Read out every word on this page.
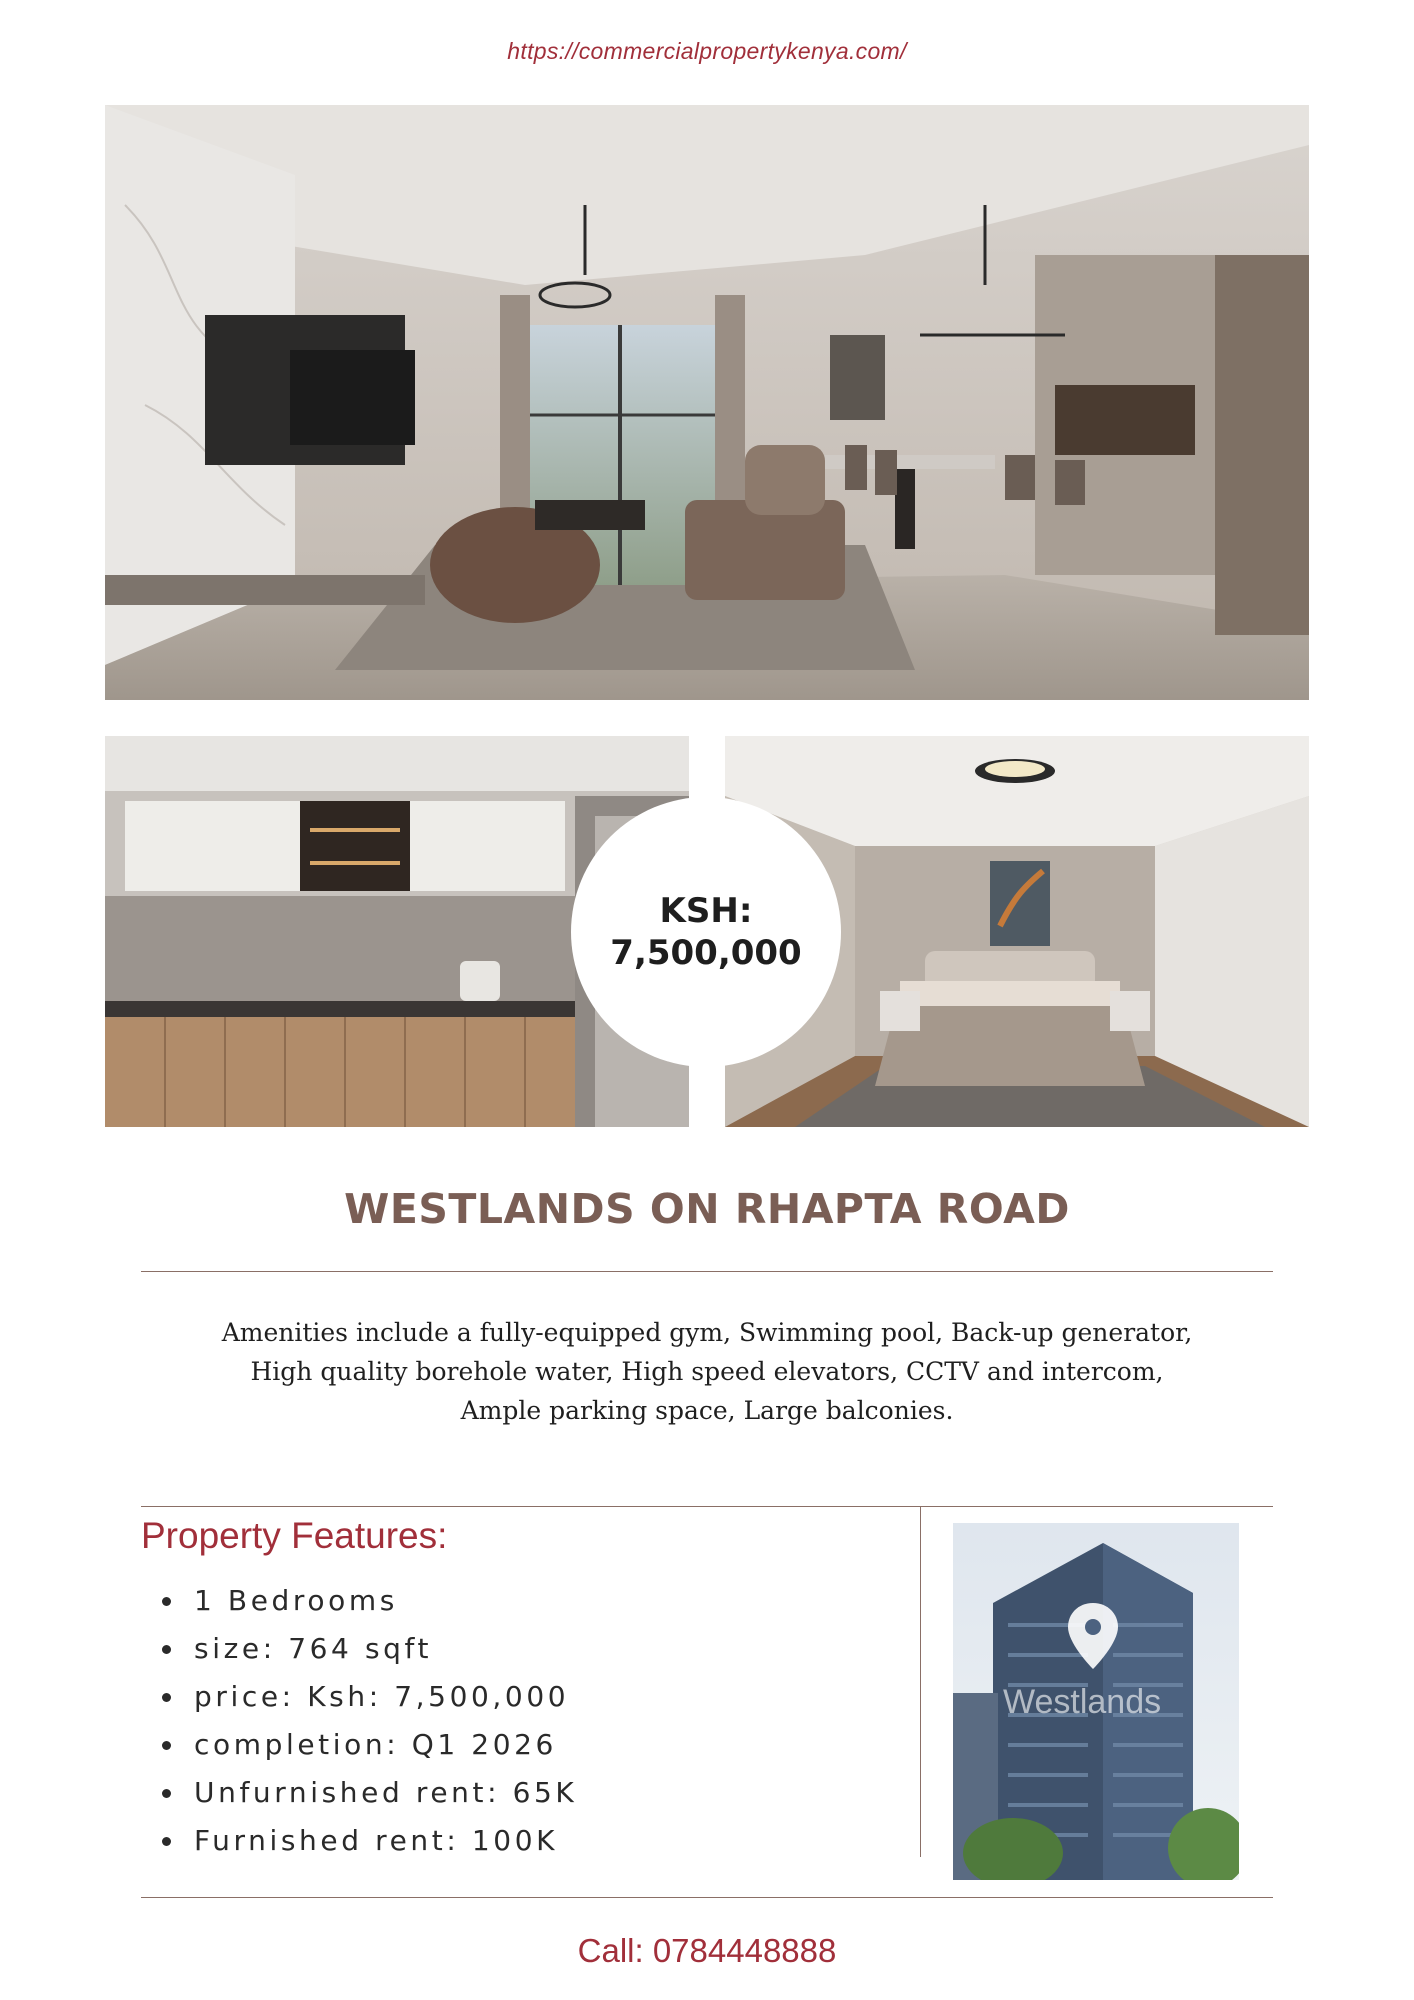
https://commercialpropertykenya.com/
KSH:
7,500,000
WESTLANDS ON RHAPTA ROAD
Amenities include a fully-equipped gym, Swimming pool, Back-up generator,
High quality borehole water, High speed elevators, CCTV and intercom,
Ample parking space, Large balconies.
Property Features:
1 Bedrooms
size: 764 sqft
price: Ksh: 7,500,000
completion: Q1 2026
Unfurnished rent: 65K
Furnished rent: 100K
Westlands
Call: 0784448888
